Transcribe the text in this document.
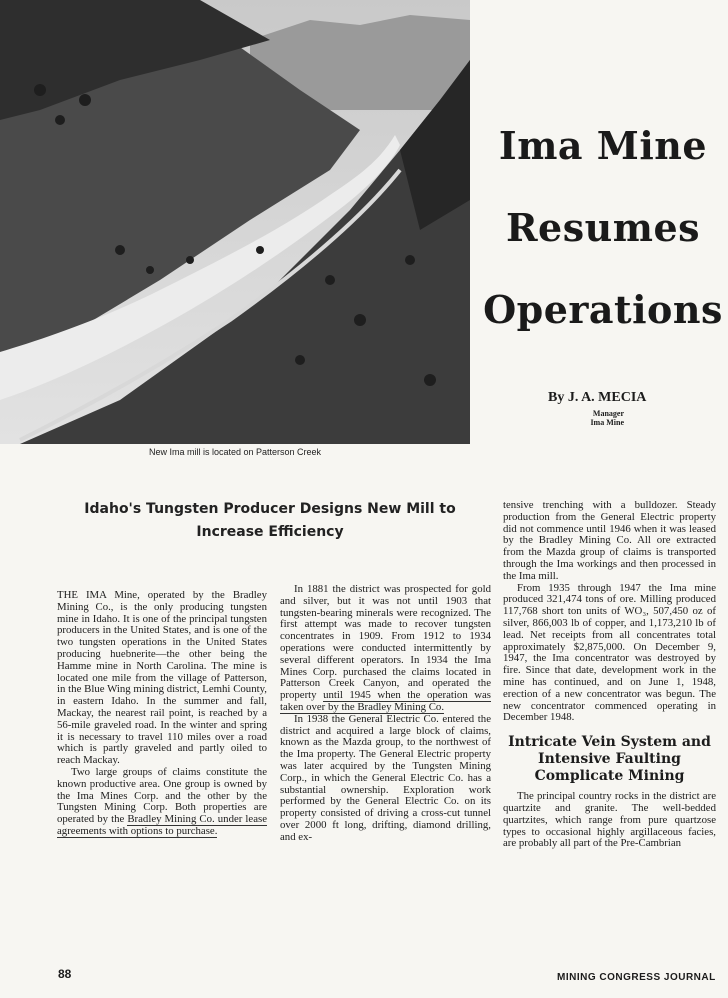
New Ima mill is located on Patterson Creek
Ima Mine
Resumes
Operations
By J. A. MECIA
Manager
Ima Mine
Idaho's Tungsten Producer Designs New Mill to
Increase Efficiency

THE IMA Mine, operated by the Bradley Mining Co., is the only producing tungsten mine in Idaho. It is one of the principal tungsten producers in the United States, and is one of the two tungsten operations in the United States producing huebnerite—the other being the Hamme mine in North Carolina. The mine is located one mile from the village of Patterson, in the Blue Wing mining district, Lemhi County, in eastern Idaho. In the summer and fall, Mackay, the nearest rail point, is reached by a 56-mile graveled road. In the winter and spring it is necessary to travel 110 miles over a road which is partly graveled and partly oiled to reach Mackay.

Two large groups of claims constitute the known productive area. One group is owned by the Ima Mines Corp. and the other by the Tungsten Mining Corp. Both properties are operated by the Bradley Mining Co. under lease agreements with options to purchase.

In 1881 the district was prospected for gold and silver, but it was not until 1903 that tungsten-bearing minerals were recognized. The first attempt was made to recover tungsten concentrates in 1909. From 1912 to 1934 operations were conducted intermittently by several different operators. In 1934 the Ima Mines Corp. purchased the claims located in Patterson Creek Canyon, and operated the property until 1945 when the operation was taken over by the Bradley Mining Co.

In 1938 the General Electric Co. entered the district and acquired a large block of claims, known as the Mazda group, to the northwest of the Ima property. The General Electric property was later acquired by the Tungsten Mining Corp., in which the General Electric Co. has a substantial ownership. Exploration work performed by the General Electric Co. on its property consisted of driving a cross-cut tunnel over 2000 ft long, drifting, diamond drilling, and ex-

tensive trenching with a bulldozer. Steady production from the General Electric property did not commence until 1946 when it was leased by the Bradley Mining Co. All ore extracted from the Mazda group of claims is transported through the Ima workings and then processed in the Ima mill.

From 1935 through 1947 the Ima mine produced 321,474 tons of ore. Milling produced 117,768 short ton units of WO₃, 507,450 oz of silver, 866,003 lb of copper, and 1,173,210 lb of lead. Net receipts from all concentrates total approximately $2,875,000. On December 9, 1947, the Ima concentrator was destroyed by fire. Since that date, development work in the mine has continued, and on June 1, 1948, erection of a new concentrator was begun. The new concentrator commenced operating in December 1948.

Intricate Vein System and
Intensive Faulting Complicate Mining

The principal country rocks in the district are quartzite and granite. The well-bedded quartzites, which range from pure quartzose types to occasional highly argillaceous facies, are probably all part of the Pre-Cambrian

88	MINING CONGRESS JOURNAL
